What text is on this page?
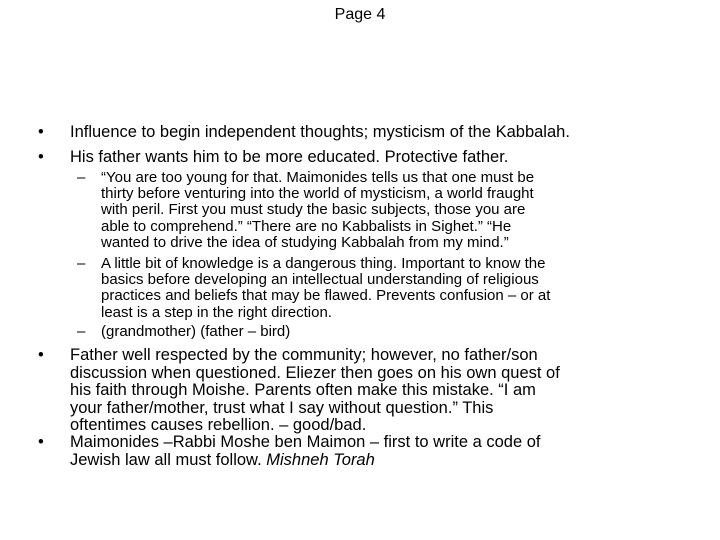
Page 4
• Influence to begin independent thoughts; mysticism of the Kabbalah.
• His father wants him to be more educated. Protective father.
– “You are too young for that. Maimonides tells us that one must be
thirty before venturing into the world of mysticism, a world fraught
with peril. First you must study the basic subjects, those you are
able to comprehend.” “There are no Kabbalists in Sighet.” “He
wanted to drive the idea of studying Kabbalah from my mind.”
– A little bit of knowledge is a dangerous thing. Important to know the
basics before developing an intellectual understanding of religious
practices and beliefs that may be flawed. Prevents confusion – or at
least is a step in the right direction.
– (grandmother) (father – bird)
• Father well respected by the community; however, no father/son
discussion when questioned. Eliezer then goes on his own quest of
his faith through Moishe. Parents often make this mistake. “I am
your father/mother, trust what I say without question.” This
oftentimes causes rebellion. – good/bad.
• Maimonides –Rabbi Moshe ben Maimon – first to write a code of
Jewish law all must follow. Mishneh Torah
